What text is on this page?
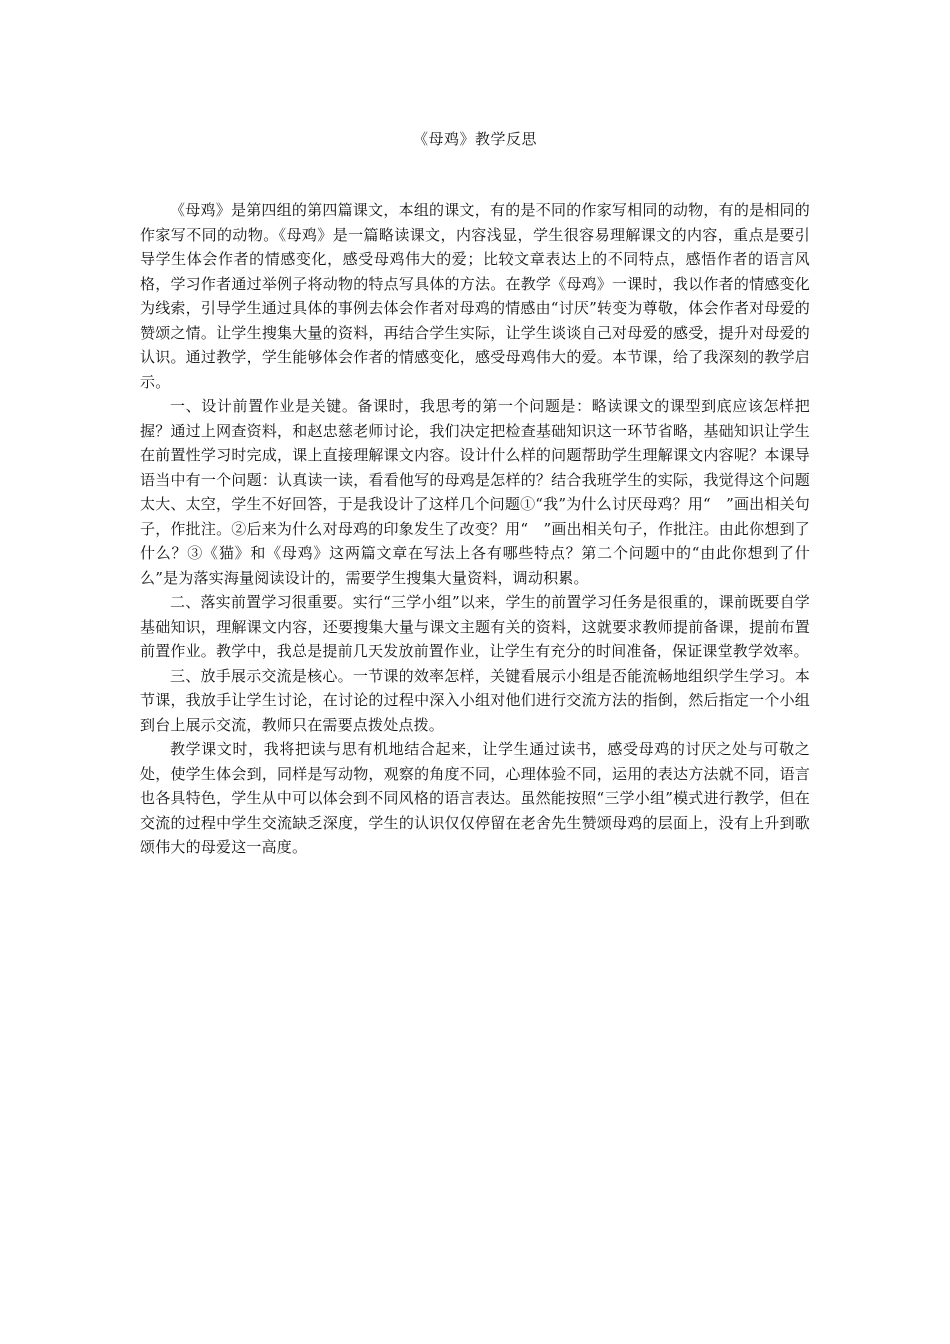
《母鸡》教学反思

《母鸡》是第四组的第四篇课文，本组的课文，有的是不同的作家写相同的动物，有的是相同的作家写不同的动物。《母鸡》是一篇略读课文，内容浅显，学生很容易理解课文的内容，重点是要引导学生体会作者的情感变化，感受母鸡伟大的爱；比较文章表达上的不同特点，感悟作者的语言风格，学习作者通过举例子将动物的特点写具体的方法。在教学《母鸡》一课时，我以作者的情感变化为线索，引导学生通过具体的事例去体会作者对母鸡的情感由“讨厌”转变为尊敬，体会作者对母爱的赞颂之情。让学生搜集大量的资料，再结合学生实际，让学生谈谈自己对母爱的感受，提升对母爱的认识。通过教学，学生能够体会作者的情感变化，感受母鸡伟大的爱。本节课，给了我深刻的教学启示。

一、设计前置作业是关键。备课时，我思考的第一个问题是：略读课文的课型到底应该怎样把握？通过上网查资料，和赵忠慈老师讨论，我们决定把检查基础知识这一环节省略，基础知识让学生在前置性学习时完成，课上直接理解课文内容。设计什么样的问题帮助学生理解课文内容呢？本课导语当中有一个问题：认真读一读，看看他写的母鸡是怎样的？结合我班学生的实际，我觉得这个问题太大、太空，学生不好回答，于是我设计了这样几个问题①“我”为什么讨厌母鸡？用“　”画出相关句子，作批注。②后来为什么对母鸡的印象发生了改变？用“　”画出相关句子，作批注。由此你想到了什么？③《猫》和《母鸡》这两篇文章在写法上各有哪些特点？第二个问题中的“由此你想到了什么”是为落实海量阅读设计的，需要学生搜集大量资料，调动积累。

二、落实前置学习很重要。实行“三学小组”以来，学生的前置学习任务是很重的，课前既要自学基础知识，理解课文内容，还要搜集大量与课文主题有关的资料，这就要求教师提前备课，提前布置前置作业。教学中，我总是提前几天发放前置作业，让学生有充分的时间准备，保证课堂教学效率。

三、放手展示交流是核心。一节课的效率怎样，关键看展示小组是否能流畅地组织学生学习。本节课，我放手让学生讨论，在讨论的过程中深入小组对他们进行交流方法的指倒，然后指定一个小组到台上展示交流，教师只在需要点拨处点拨。

教学课文时，我将把读与思有机地结合起来，让学生通过读书，感受母鸡的讨厌之处与可敬之处，使学生体会到，同样是写动物，观察的角度不同，心理体验不同，运用的表达方法就不同，语言也各具特色，学生从中可以体会到不同风格的语言表达。虽然能按照“三学小组”模式进行教学，但在交流的过程中学生交流缺乏深度，学生的认识仅仅停留在老舍先生赞颂母鸡的层面上，没有上升到歌颂伟大的母爱这一高度。
